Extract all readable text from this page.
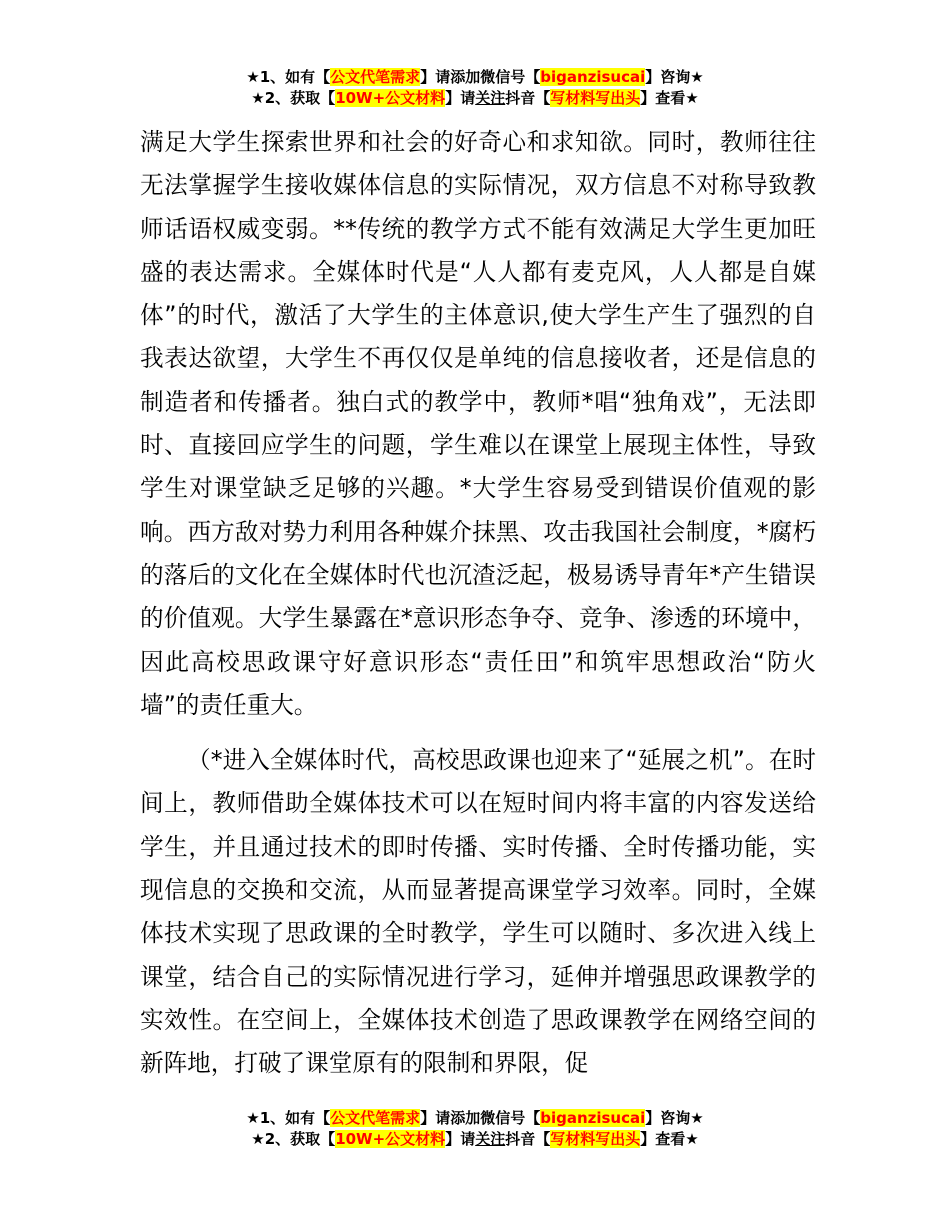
★1、如有【公文代笔需求】请添加微信号【biganzisucai】咨询★
★2、获取【10W+公文材料】请关注抖音【写材料写出头】查看★

满足大学生探索世界和社会的好奇心和求知欲。同时，教师往往无法掌握学生接收媒体信息的实际情况，双方信息不对称导致教师话语权威变弱。**传统的教学方式不能有效满足大学生更加旺盛的表达需求。全媒体时代是“人人都有麦克风，人人都是自媒体”的时代，激活了大学生的主体意识,使大学生产生了强烈的自我表达欲望，大学生不再仅仅是单纯的信息接收者，还是信息的制造者和传播者。独白式的教学中，教师*唱“独角戏”，无法即时、直接回应学生的问题，学生难以在课堂上展现主体性，导致学生对课堂缺乏足够的兴趣。*大学生容易受到错误价值观的影响。西方敌对势力利用各种媒介抹黑、攻击我国社会制度，*腐朽的落后的文化在全媒体时代也沉渣泛起，极易诱导青年*产生错误的价值观。大学生暴露在*意识形态争夺、竞争、渗透的环境中，因此高校思政课守好意识形态“责任田”和筑牢思想政治“防火墙”的责任重大。

（*进入全媒体时代，高校思政课也迎来了“延展之机”。在时间上，教师借助全媒体技术可以在短时间内将丰富的内容发送给学生，并且通过技术的即时传播、实时传播、全时传播功能，实现信息的交换和交流，从而显著提高课堂学习效率。同时，全媒体技术实现了思政课的全时教学，学生可以随时、多次进入线上课堂，结合自己的实际情况进行学习，延伸并增强思政课教学的实效性。在空间上，全媒体技术创造了思政课教学在网络空间的新阵地，打破了课堂原有的限制和界限，促

★1、如有【公文代笔需求】请添加微信号【biganzisucai】咨询★
★2、获取【10W+公文材料】请关注抖音【写材料写出头】查看★
